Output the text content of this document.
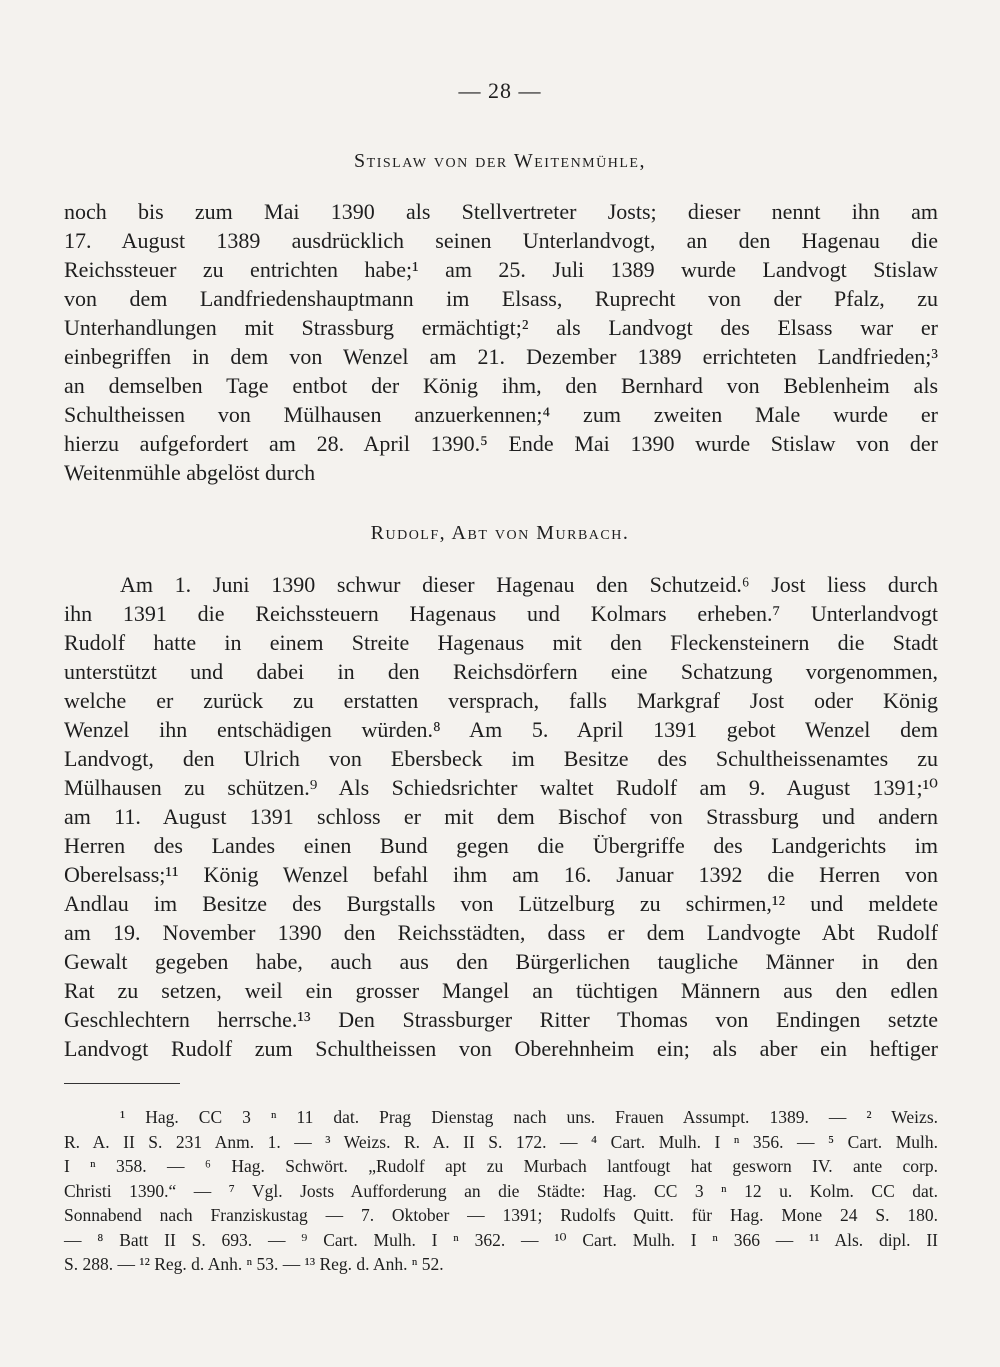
— 28 —
Stislaw von der Weitenmühle,
noch bis zum Mai 1390 als Stellvertreter Josts; dieser nennt ihn am
17. August 1389 ausdrücklich seinen Unterlandvogt, an den Hagenau die
Reichssteuer zu entrichten habe;¹ am 25. Juli 1389 wurde Landvogt Stislaw
von dem Landfriedenshauptmann im Elsass, Ruprecht von der Pfalz, zu
Unterhandlungen mit Strassburg ermächtigt;² als Landvogt des Elsass war er
einbegriffen in dem von Wenzel am 21. Dezember 1389 errichteten Landfrieden;³
an demselben Tage entbot der König ihm, den Bernhard von Beblenheim als
Schultheissen von Mülhausen anzuerkennen;⁴ zum zweiten Male wurde er
hierzu aufgefordert am 28. April 1390.⁵ Ende Mai 1390 wurde Stislaw von der
Weitenmühle abgelöst durch
Rudolf, Abt von Murbach.
Am 1. Juni 1390 schwur dieser Hagenau den Schutzeid.⁶ Jost liess durch
ihn 1391 die Reichssteuern Hagenaus und Kolmars erheben.⁷ Unterlandvogt
Rudolf hatte in einem Streite Hagenaus mit den Fleckensteinern die Stadt
unterstützt und dabei in den Reichsdörfern eine Schatzung vorgenommen,
welche er zurück zu erstatten versprach, falls Markgraf Jost oder König
Wenzel ihn entschädigen würden.⁸ Am 5. April 1391 gebot Wenzel dem
Landvogt, den Ulrich von Ebersbeck im Besitze des Schultheissenamtes zu
Mülhausen zu schützen.⁹ Als Schiedsrichter waltet Rudolf am 9. August 1391;¹⁰
am 11. August 1391 schloss er mit dem Bischof von Strassburg und andern
Herren des Landes einen Bund gegen die Übergriffe des Landgerichts im
Oberelsass;¹¹ König Wenzel befahl ihm am 16. Januar 1392 die Herren von
Andlau im Besitze des Burgstalls von Lützelburg zu schirmen,¹² und meldete
am 19. November 1390 den Reichsstädten, dass er dem Landvogte Abt Rudolf
Gewalt gegeben habe, auch aus den Bürgerlichen taugliche Männer in den
Rat zu setzen, weil ein grosser Mangel an tüchtigen Männern aus den edlen
Geschlechtern herrsche.¹³ Den Strassburger Ritter Thomas von Endingen setzte
Landvogt Rudolf zum Schultheissen von Oberehnheim ein; als aber ein heftiger
¹ Hag. CC 3 ⁿ 11 dat. Prag Dienstag nach uns. Frauen Assumpt. 1389. — ² Weizs.
R. A. II S. 231 Anm. 1. — ³ Weizs. R. A. II S. 172. — ⁴ Cart. Mulh. I ⁿ 356. — ⁵ Cart. Mulh.
I ⁿ 358. — ⁶ Hag. Schwört. „Rudolf apt zu Murbach lantfougt hat gesworn IV. ante corp.
Christi 1390.“ — ⁷ Vgl. Josts Aufforderung an die Städte: Hag. CC 3 ⁿ 12 u. Kolm. CC dat.
Sonnabend nach Franziskustag — 7. Oktober — 1391; Rudolfs Quitt. für Hag. Mone 24 S. 180.
— ⁸ Batt II S. 693. — ⁹ Cart. Mulh. I ⁿ 362. — ¹⁰ Cart. Mulh. I ⁿ 366 — ¹¹ Als. dipl. II
S. 288. — ¹² Reg. d. Anh. ⁿ 53. — ¹³ Reg. d. Anh. ⁿ 52.
